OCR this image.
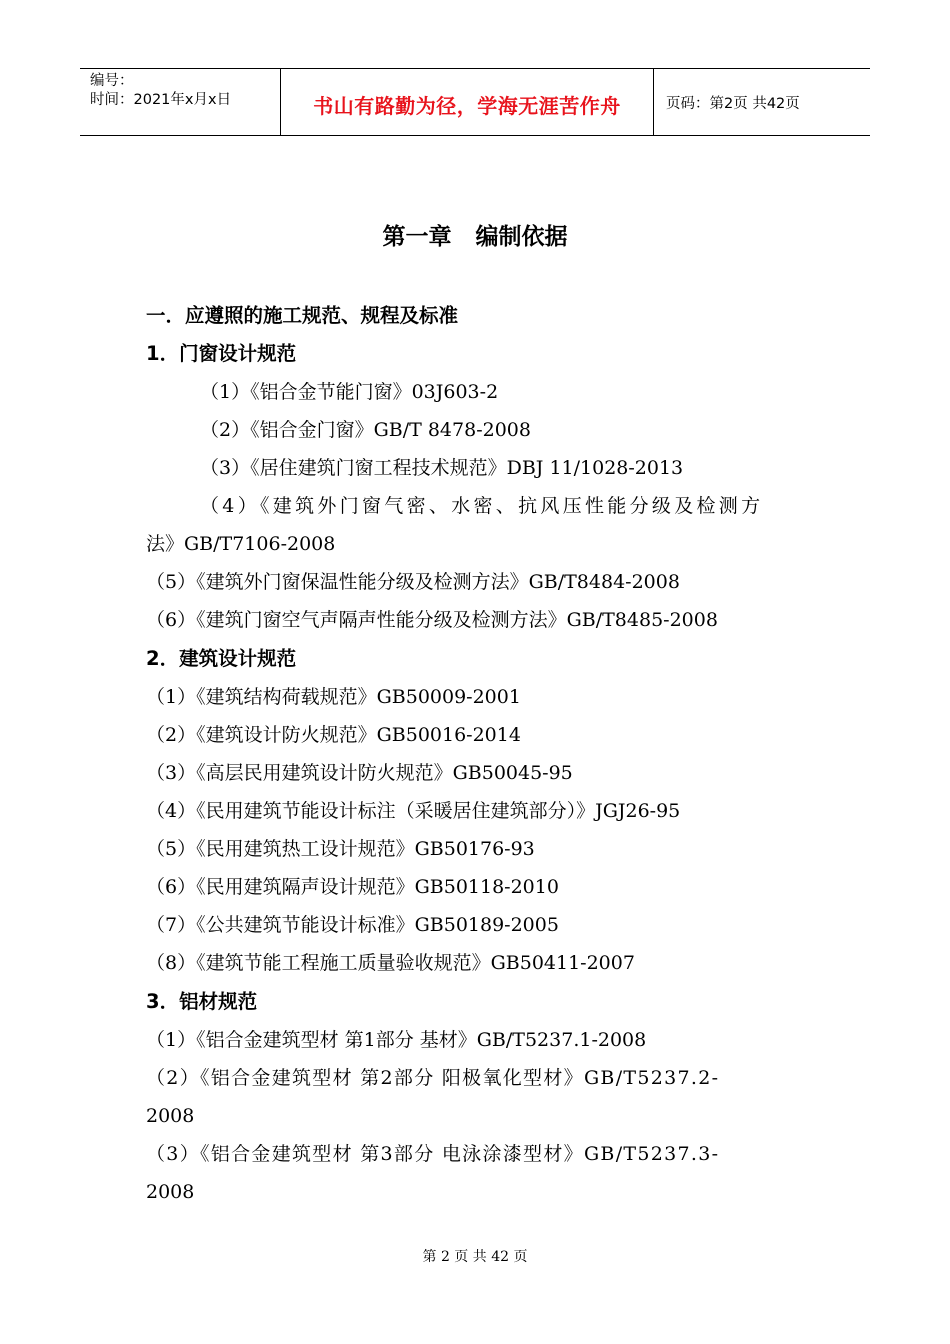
编号：
时间：2021年x月x日	书山有路勤为径，学海无涯苦作舟	页码：第2页 共42页
第一章   编制依据
一．应遵照的施工规范、规程及标准
1．门窗设计规范
（1）《铝合金节能门窗》03J603-2
（2）《铝合金门窗》GB/T 8478-2008
（3）《居住建筑门窗工程技术规范》DBJ 11/1028-2013
（4）《建筑外门窗气密、水密、抗风压性能分级及检测方
法》GB/T7106-2008
（5）《建筑外门窗保温性能分级及检测方法》GB/T8484-2008
（6）《建筑门窗空气声隔声性能分级及检测方法》GB/T8485-2008
2．建筑设计规范
（1）《建筑结构荷载规范》GB50009-2001
（2）《建筑设计防火规范》GB50016-2014
（3）《高层民用建筑设计防火规范》GB50045-95
（4）《民用建筑节能设计标注（采暖居住建筑部分）》JGJ26-95
（5）《民用建筑热工设计规范》GB50176-93
（6）《民用建筑隔声设计规范》GB50118-2010
（7）《公共建筑节能设计标准》GB50189-2005
（8）《建筑节能工程施工质量验收规范》GB50411-2007
3．铝材规范
（1）《铝合金建筑型材 第1部分 基材》GB/T5237.1-2008
（2）《铝合金建筑型材 第2部分 阳极氧化型材》GB/T5237.2-
2008
（3）《铝合金建筑型材 第3部分 电泳涂漆型材》GB/T5237.3-
2008
第 2 页 共 42 页
